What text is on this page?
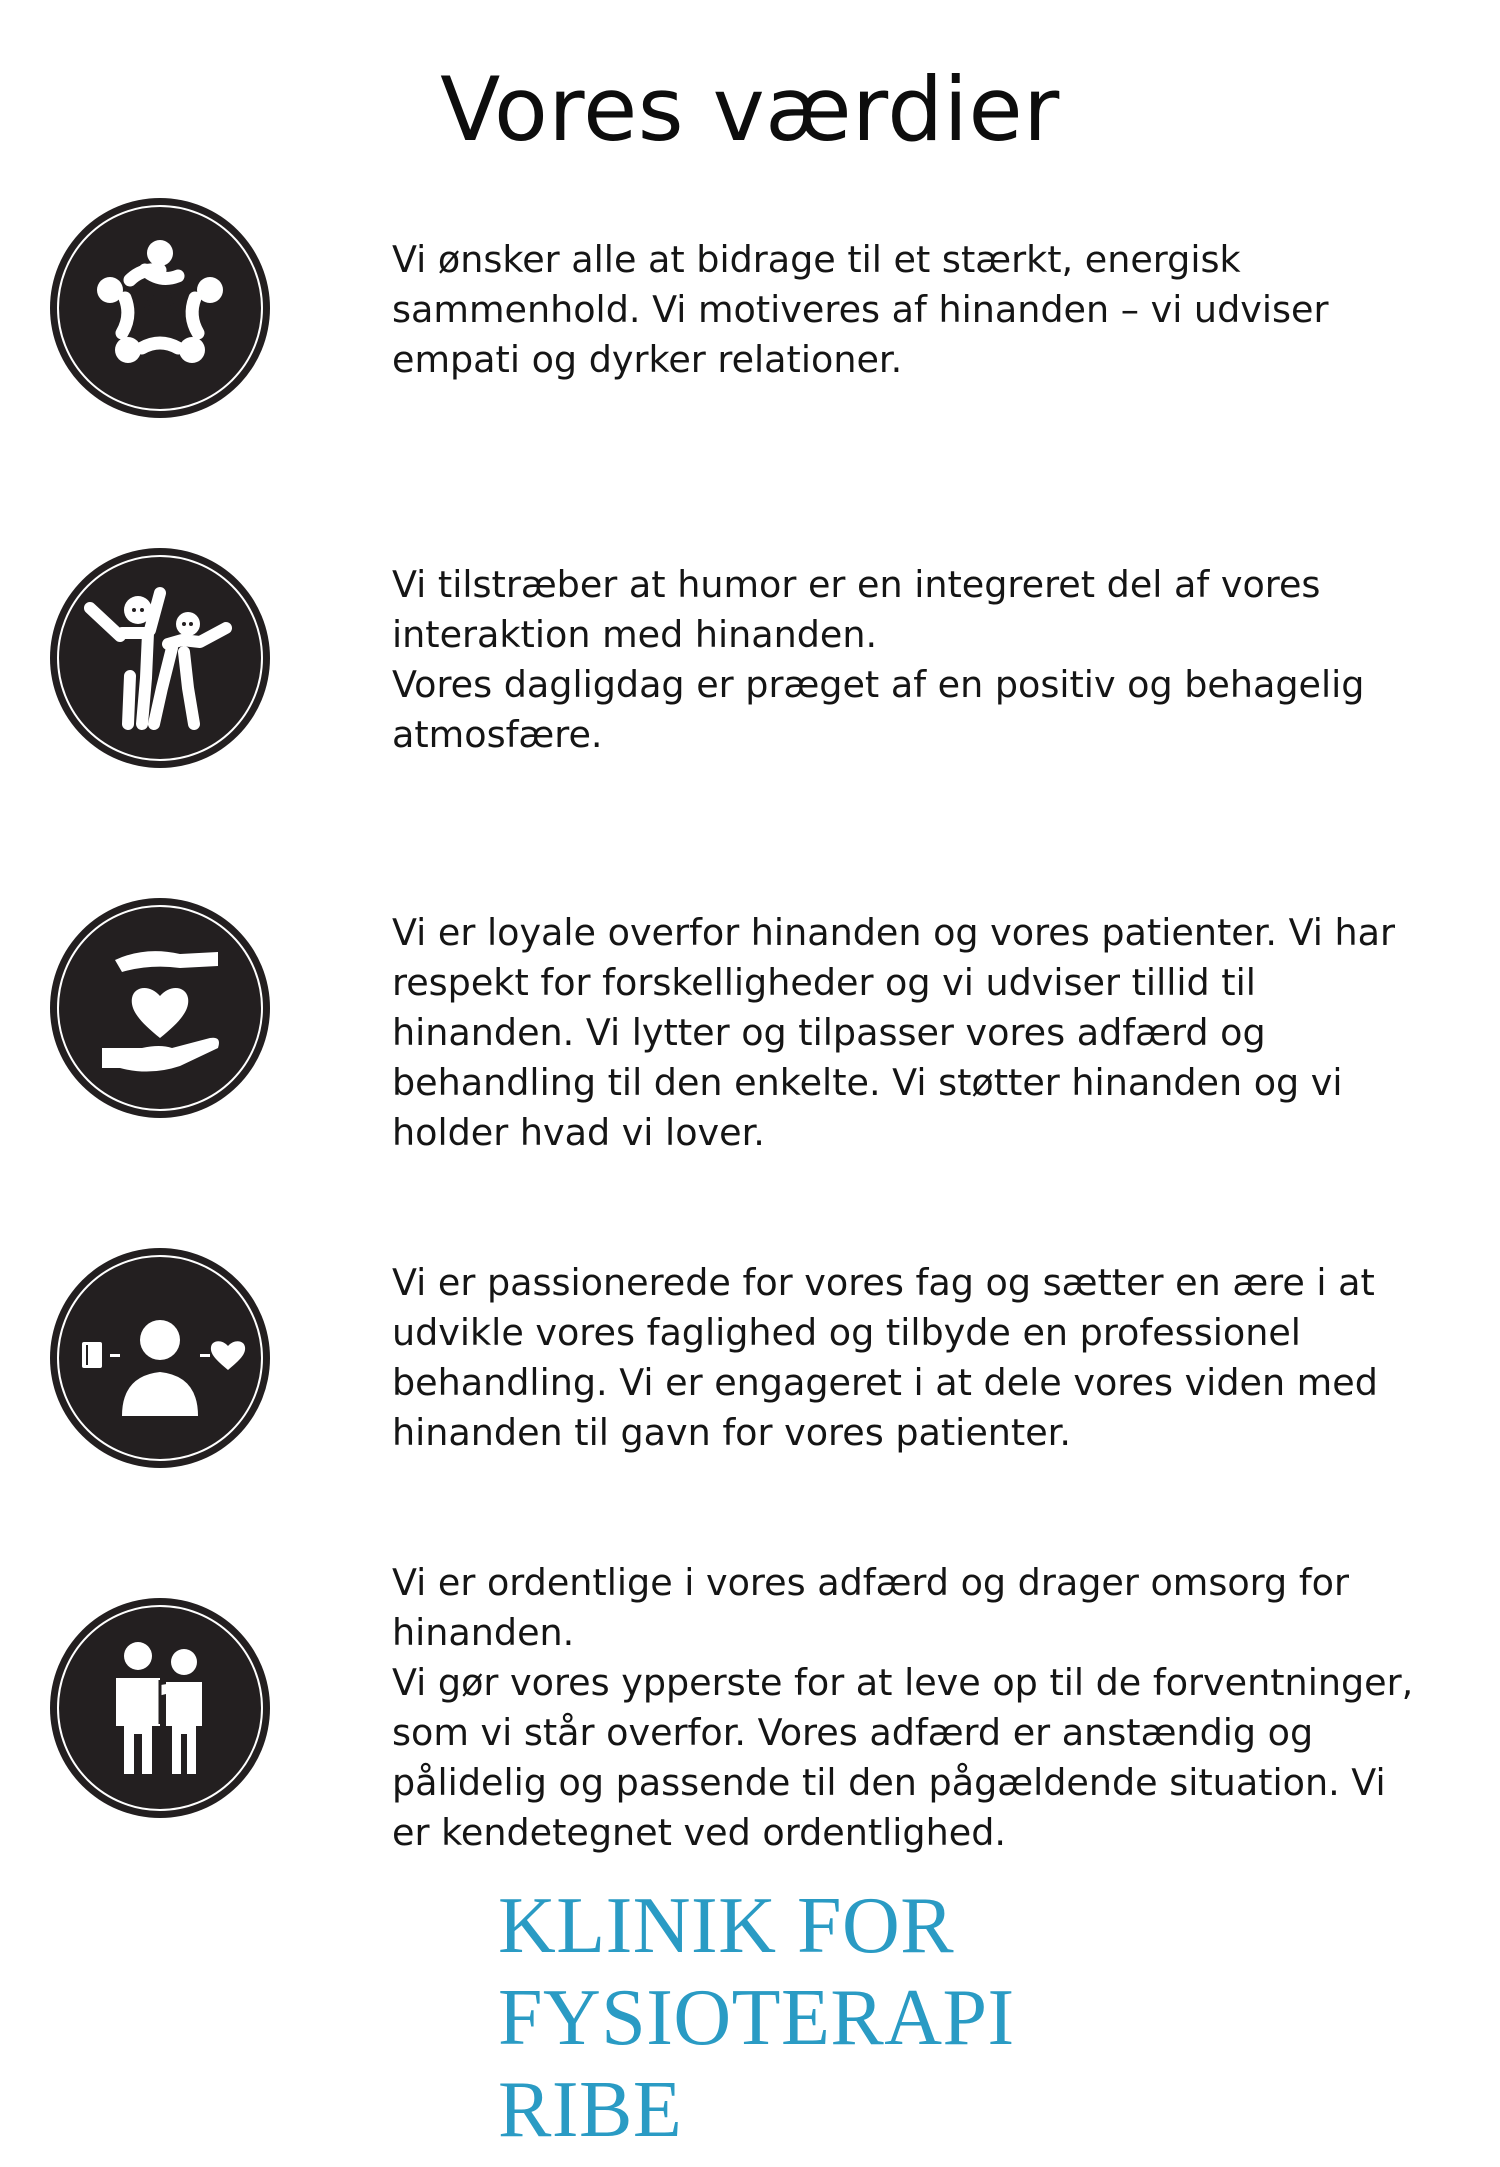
Vores værdier

Vi ønsker alle at bidrage til et stærkt, energisk sammenhold. Vi motiveres af hinanden – vi udviser empati og dyrker relationer.

Vi tilstræber at humor er en integreret del af vores interaktion med hinanden.

Vores dagligdag er præget af en positiv og behagelig atmosfære.

Vi er loyale overfor hinanden og vores patienter. Vi har respekt for forskelligheder og vi udviser tillid til hinanden. Vi lytter og tilpasser vores adfærd og behandling til den enkelte. Vi støtter hinanden og vi holder hvad vi lover.

Vi er passionerede for vores fag og sætter en ære i at udvikle vores faglighed og tilbyde en professionel behandling. Vi er engageret i at dele vores viden med hinanden til gavn for vores patienter.

Vi er ordentlige i vores adfærd og drager omsorg for hinanden.

Vi gør vores ypperste for at leve op til de forventninger, som vi står overfor. Vores adfærd er anstændig og pålidelig og passende til den pågældende situation. Vi er kendetegnet ved ordentlighed.

KLINIK FOR
FYSIOTERAPI
RIBE
